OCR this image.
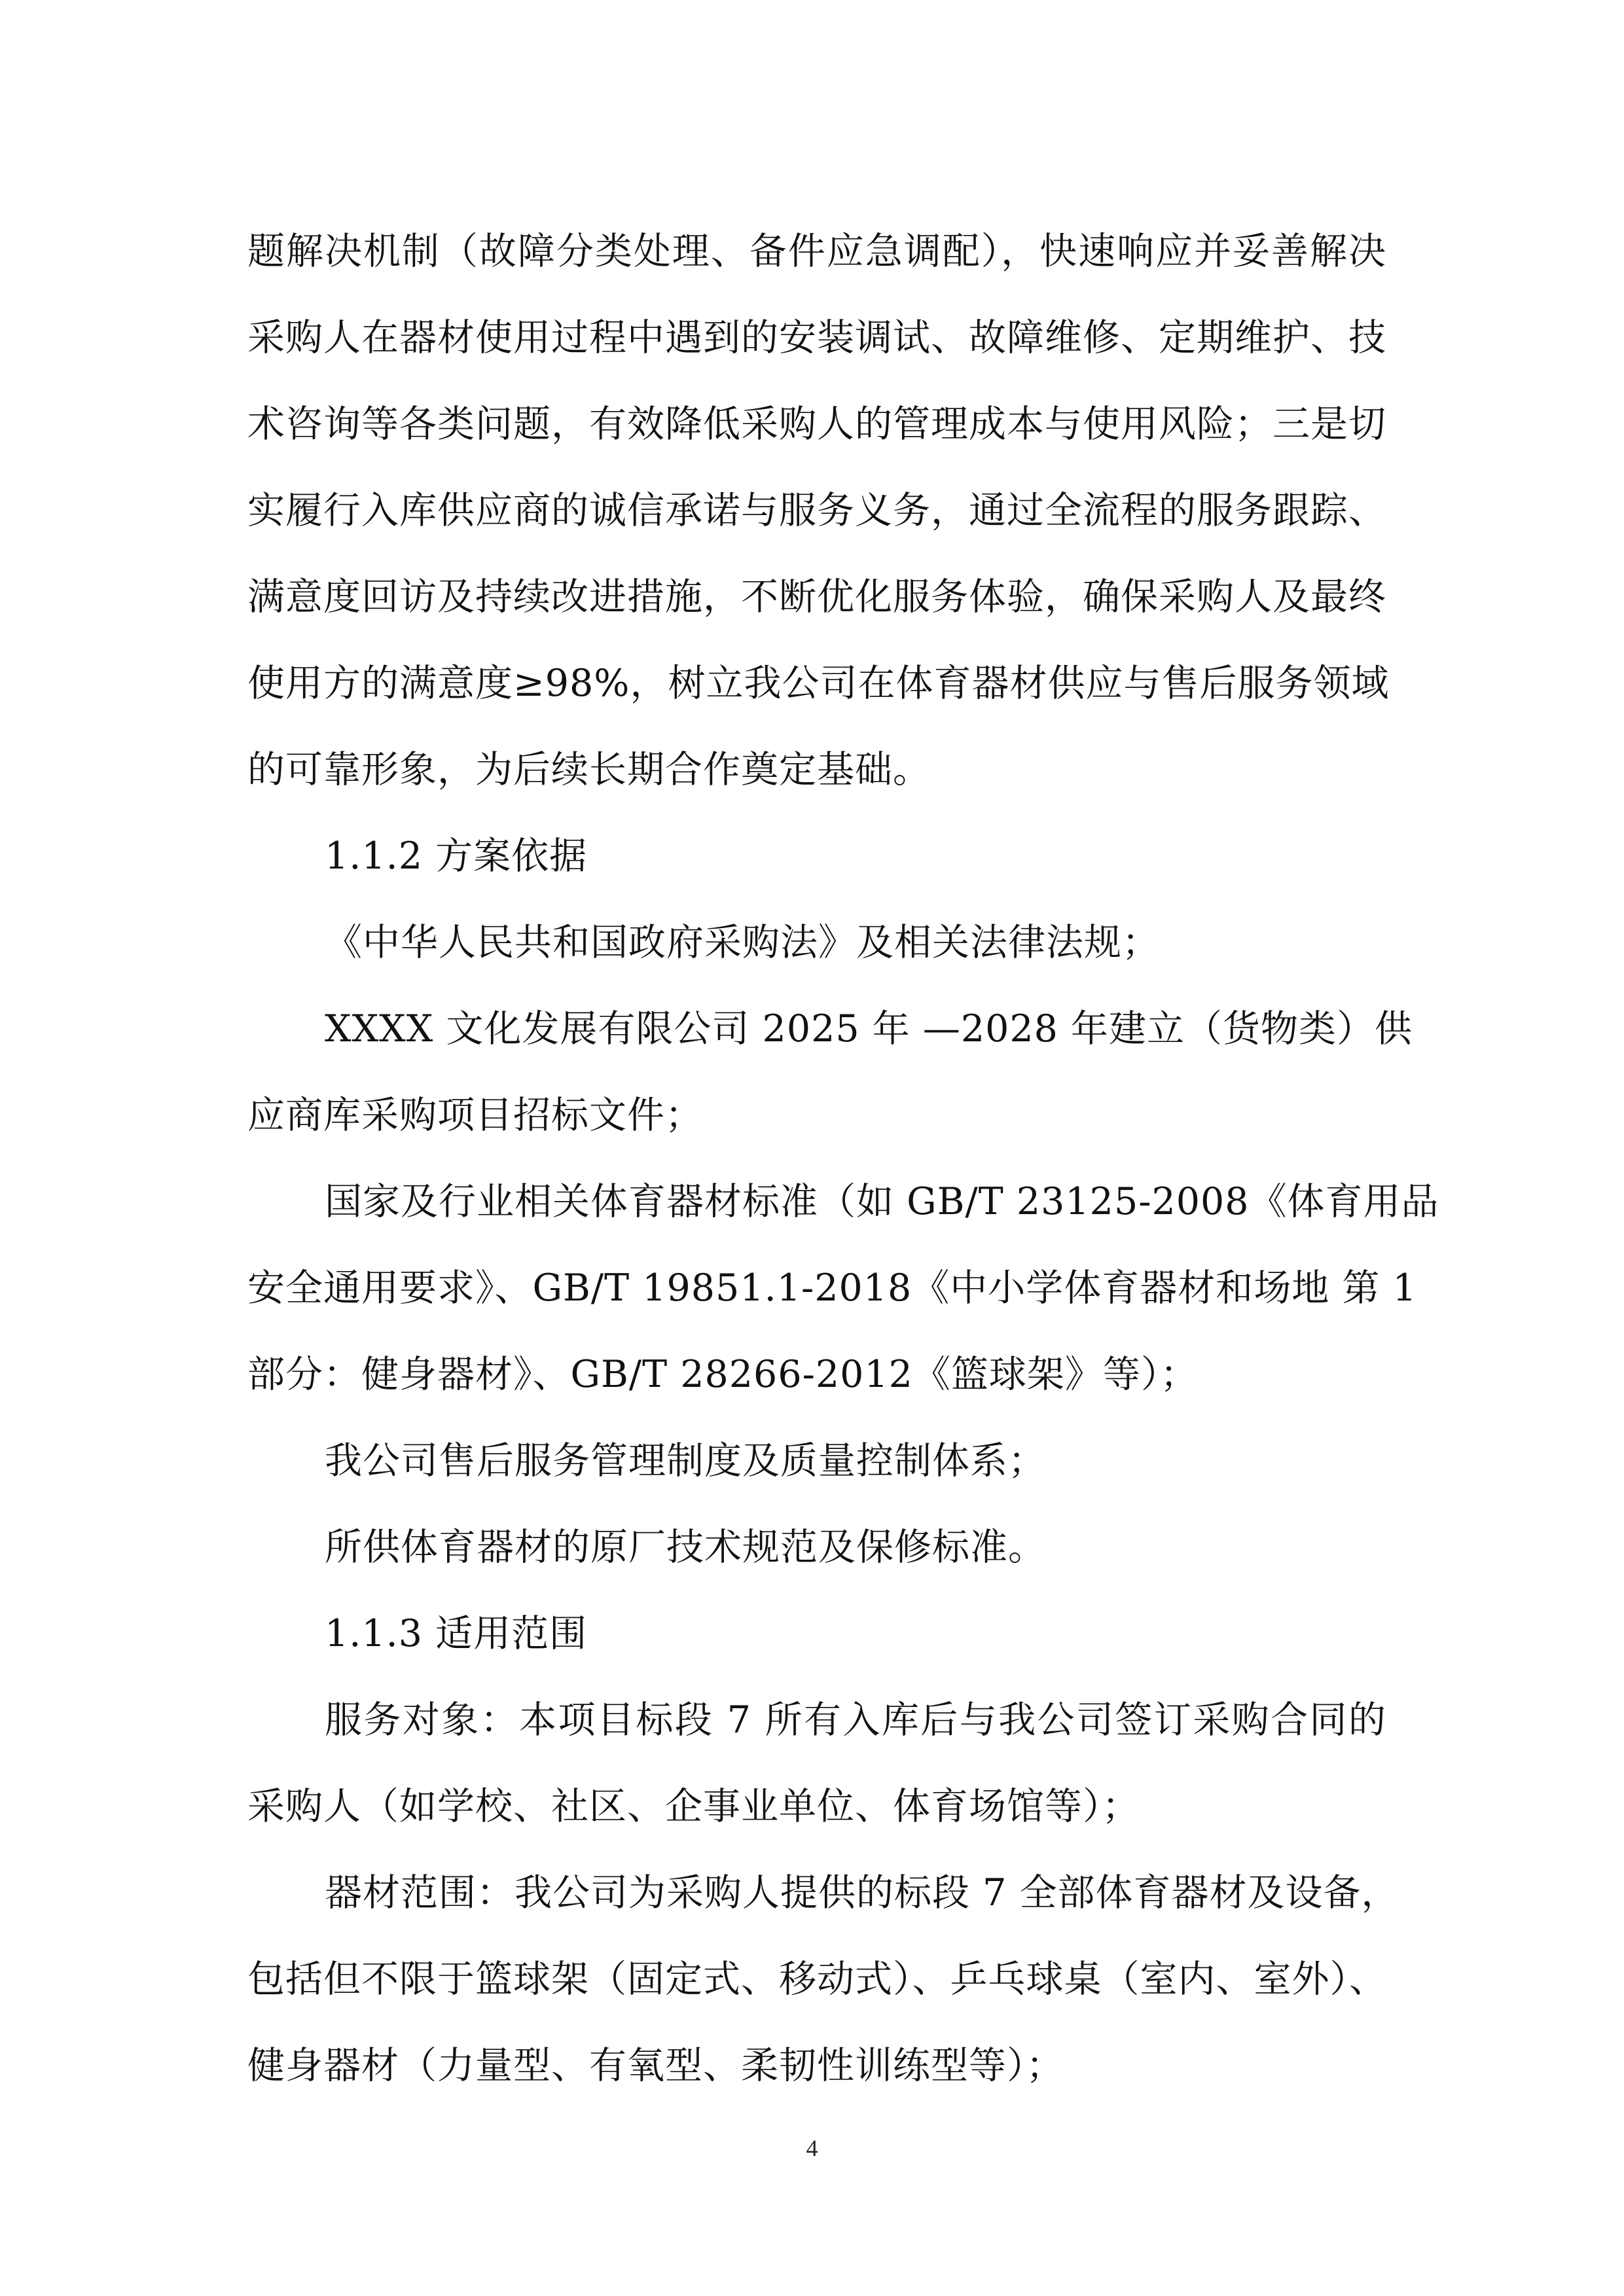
题解决机制（故障分类处理、备件应急调配），快速响应并妥善解决
采购人在器材使用过程中遇到的安装调试、故障维修、定期维护、技
术咨询等各类问题，有效降低采购人的管理成本与使用风险；三是切
实履行入库供应商的诚信承诺与服务义务，通过全流程的服务跟踪、
满意度回访及持续改进措施，不断优化服务体验，确保采购人及最终
使用方的满意度≥98%，树立我公司在体育器材供应与售后服务领域
的可靠形象，为后续长期合作奠定基础。
1.1.2 方案依据
《中华人民共和国政府采购法》及相关法律法规；
XXXX 文化发展有限公司 2025 年 —2028 年建立（货物类）供
应商库采购项目招标文件；
国家及行业相关体育器材标准（如 GB/T 23125-2008《体育用品
安全通用要求》、GB/T 19851.1-2018《中小学体育器材和场地 第 1
部分：健身器材》、GB/T 28266-2012《篮球架》等）；
我公司售后服务管理制度及质量控制体系；
所供体育器材的原厂技术规范及保修标准。
1.1.3 适用范围
服务对象：本项目标段 7 所有入库后与我公司签订采购合同的
采购人（如学校、社区、企事业单位、体育场馆等）；
器材范围：我公司为采购人提供的标段 7 全部体育器材及设备，
包括但不限于篮球架（固定式、移动式）、乒乓球桌（室内、室外）、
健身器材（力量型、有氧型、柔韧性训练型等）；
4
